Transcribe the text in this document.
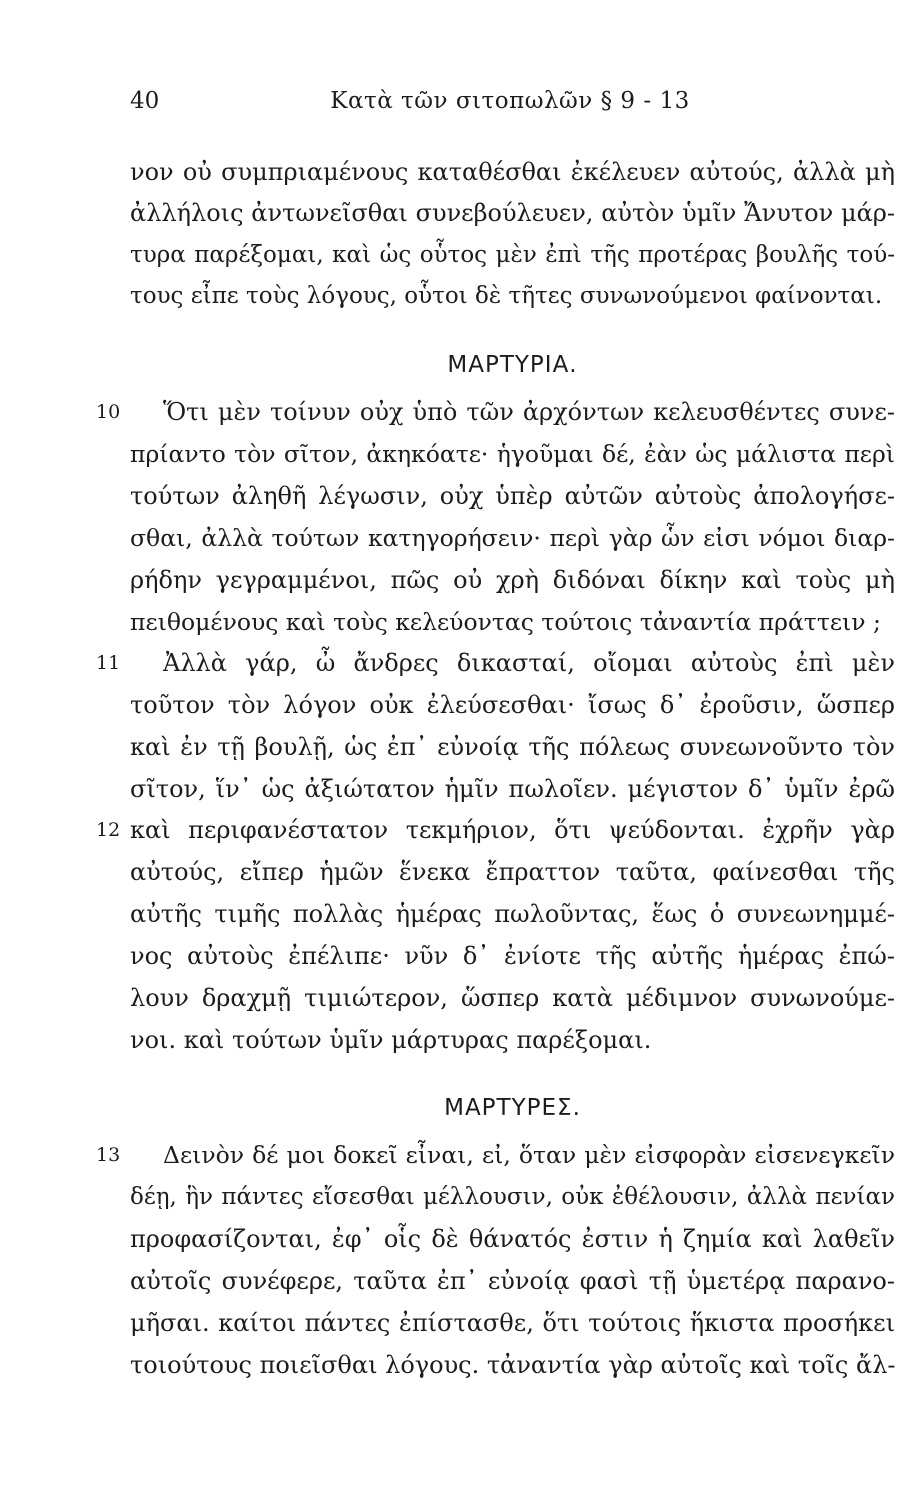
40	Κατὰ τῶν σιτοπωλῶν § 9 - 13
νον οὐ συμπριαμένους καταθέσθαι ἐκέλευεν αὐτούς, ἀλλὰ μὴ
ἀλλήλοις ἀντωνεῖσθαι συνεβούλευεν, αὐτὸν ὑμῖν Ἄνυτον μάρ-
τυρα παρέξομαι, καὶ ὡς οὗτος μὲν ἐπὶ τῆς προτέρας βουλῆς τού-
τους εἶπε τοὺς λόγους, οὗτοι δὲ τῆτες συνωνούμενοι φαίνονται.
ΜΑΡΤΥΡΙΑ.
10 Ὅτι μὲν τοίνυν οὐχ ὑπὸ τῶν ἀρχόντων κελευσθέντες συνε-
πρίαντο τὸν σῖτον, ἀκηκόατε· ἡγοῦμαι δέ, ἐὰν ὡς μάλιστα περὶ
τούτων ἀληθῆ λέγωσιν, οὐχ ὑπὲρ αὐτῶν αὐτοὺς ἀπολογήσε-
σθαι, ἀλλὰ τούτων κατηγορήσειν· περὶ γὰρ ὧν εἰσι νόμοι διαρ-
ρήδην γεγραμμένοι, πῶς οὐ χρὴ διδόναι δίκην καὶ τοὺς μὴ
πειθομένους καὶ τοὺς κελεύοντας τούτοις τἀναντία πράττειν ;
11 Ἀλλὰ γάρ, ὦ ἄνδρες δικασταί, οἴομαι αὐτοὺς ἐπὶ μὲν
τοῦτον τὸν λόγον οὐκ ἐλεύσεσθαι· ἴσως δ᾽ ἐροῦσιν, ὥσπερ
καὶ ἐν τῇ βουλῇ, ὡς ἐπ᾽ εὐνοίᾳ τῆς πόλεως συνεωνοῦντο τὸν
σῖτον, ἵν᾽ ὡς ἀξιώτατον ἡμῖν πωλοῖεν. μέγιστον δ᾽ ὑμῖν ἐρῶ
12 καὶ περιφανέστατον τεκμήριον, ὅτι ψεύδονται. ἐχρῆν γὰρ
αὐτούς, εἴπερ ἡμῶν ἕνεκα ἔπραττον ταῦτα, φαίνεσθαι τῆς
αὐτῆς τιμῆς πολλὰς ἡμέρας πωλοῦντας, ἕως ὁ συνεωνημμέ-
νος αὐτοὺς ἐπέλιπε· νῦν δ᾽ ἐνίοτε τῆς αὐτῆς ἡμέρας ἐπώ-
λουν δραχμῇ τιμιώτερον, ὥσπερ κατὰ μέδιμνον συνωνούμε-
νοι. καὶ τούτων ὑμῖν μάρτυρας παρέξομαι.
ΜΑΡΤΥΡΕΣ.
13 Δεινὸν δέ μοι δοκεῖ εἶναι, εἰ, ὅταν μὲν εἰσφορὰν εἰσενεγκεῖν
δέῃ, ἣν πάντες εἴσεσθαι μέλλουσιν, οὐκ ἐθέλουσιν, ἀλλὰ πενίαν
προφασίζονται, ἐφ᾽ οἷς δὲ θάνατός ἐστιν ἡ ζημία καὶ λαθεῖν
αὐτοῖς συνέφερε, ταῦτα ἐπ᾽ εὐνοίᾳ φασὶ τῇ ὑμετέρᾳ παρανο-
μῆσαι. καίτοι πάντες ἐπίστασθε, ὅτι τούτοις ἥκιστα προσήκει
τοιούτους ποιεῖσθαι λόγους. τἀναντία γὰρ αὐτοῖς καὶ τοῖς ἄλ-
